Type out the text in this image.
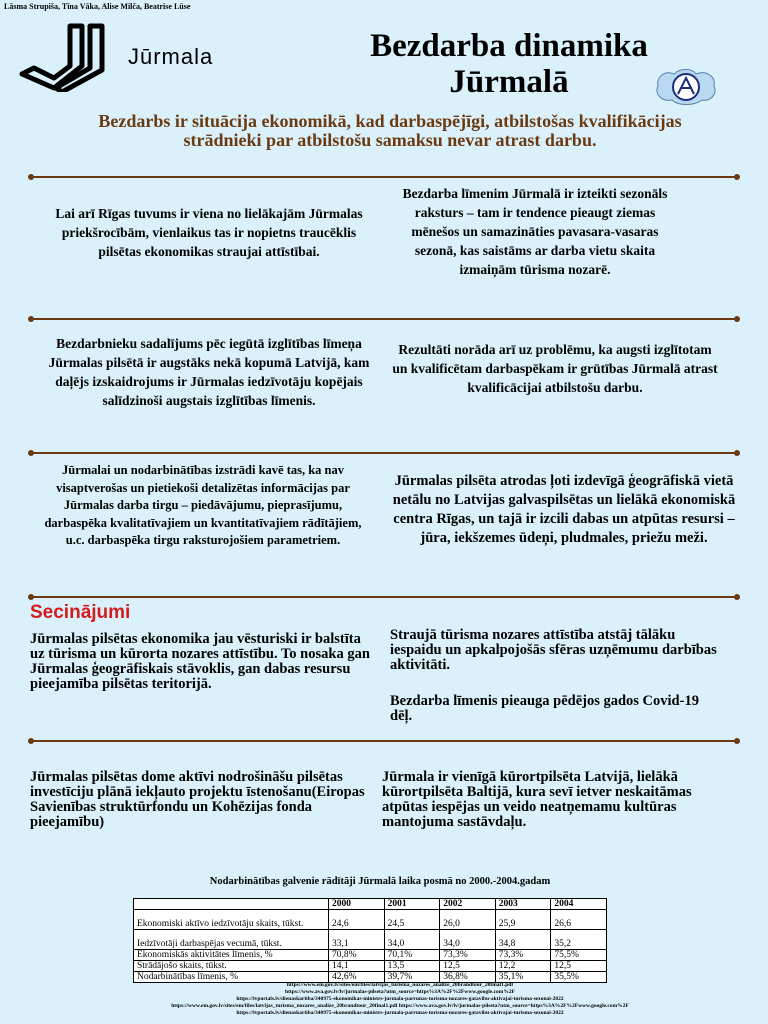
Lāsma Strupiša, Tīna Vāka, Alise Milča, Beatrise Lūse
Jūrmala	Bezdarba dinamika
Jūrmalā
Bezdarbs ir situācija ekonomikā, kad darbaspējīgi, atbilstošas kvalifikācijas strādnieki par atbilstošu samaksu nevar atrast darbu.
Lai arī Rīgas tuvums ir viena no lielākajām Jūrmalas priekšrocībām, vienlaikus tas ir nopietns traucēklis pilsētas ekonomikas straujai attīstībai.
Bezdarba līmenim Jūrmalā ir izteikti sezonāls raksturs – tam ir tendence pieaugt ziemas mēnešos un samazināties pavasara-vasaras sezonā, kas saistāms ar darba vietu skaita izmaiņām tūrisma nozarē.
Bezdarbnieku sadalījums pēc iegūtā izglītības līmeņa Jūrmalas pilsētā ir augstāks nekā kopumā Latvijā, kam daļējs izskaidrojums ir Jūrmalas iedzīvotāju kopējais salīdzinoši augstais izglītības līmenis.
Rezultāti norāda arī uz problēmu, ka augsti izglītotam un kvalificētam darbaspēkam ir grūtības Jūrmalā atrast kvalificācijai atbilstošu darbu.
Jūrmalai un nodarbinātības izstrādi kavē tas, ka nav visaptverošas un pietiekoši detalizētas informācijas par Jūrmalas darba tirgu – piedāvājumu, pieprasījumu, darbaspēka kvalitatīvajiem un kvantitatīvajiem rādītājiem, u.c. darbaspēka tirgu raksturojošiem parametriem.
Jūrmalas pilsēta atrodas ļoti izdevīgā ģeogrāfiskā vietā netālu no Latvijas galvaspilsētas un lielākā ekonomiskā centra Rīgas, un tajā ir izcili dabas un atpūtas resursi – jūra, iekšzemes ūdeņi, pludmales, priežu meži.
Secinājumi
Jūrmalas pilsētas ekonomika jau vēsturiski ir balstīta uz tūrisma un kūrorta nozares attīstību. To nosaka gan Jūrmalas ģeogrāfiskais stāvoklis, gan dabas resursu pieejamība pilsētas teritorijā.
Straujā tūrisma nozares attīstība atstāj tālāku iespaidu un apkalpojošās sfēras uzņēmumu darbības aktivitāti.
Bezdarba līmenis pieauga pēdējos gados Covid-19 dēļ.
Jūrmalas pilsētas dome aktīvi nodrošināšu pilsētas investīciju plānā iekļauto projektu īstenošanu(Eiropas Savienības struktūrfondu un Kohēzijas fonda pieejamību)
Jūrmala ir vienīgā kūrortpilsēta Latvijā, lielākā kūrortpilsēta Baltijā, kura sevī ietver neskaitāmas atpūtas iespējas un veido neatņemamu kultūras mantojuma sastāvdaļu.
Nodarbinātības galvenie rādītāji Jūrmalā laika posmā no 2000.-2004.gadam
	2000	2001	2002	2003	2004
Ekonomiski aktīvo iedzīvotāju skaits, tūkst.	24,6	24,5	26,0	25,9	26,6
Iedzīvotāji darbaspējas vecumā, tūkst.	33,1	34,0	34,0	34,8	35,2
Ekonomiskās aktivitātes līmenis, %	70,8%	70,1%	73,3%	73,3%	75,5%
Strādājošo skaits, tūkst.	14,1	13,5	12,5	12,2	12,5
Nodarbinātības līmenis, %	42,6%	39,7%	36,8%	35,1%	35,5%
https://www.em.gov.lv/sites/em/files/latvijas_turisma_nozares_analize_20brandtour_20final1.pdf
https://www.ava.gov.lv/lv/jurmalas-pilseta?utm_source=https%3A%2F%2Fwww.google.com%2F
https://lvportals.lv/dienaskartiba/340975-ekonomikas-ministrs-jurmala-parrunas-turisma-nozares-gatavibu-aktivajai-turisma-sezonai-2022
https://www.em.gov.lv/sites/em/files/latvijas_turisma_nozares_analize_20brandtour_20final1.pdf https://www.ava.gov.lv/lv/jurmalas-pilseta?utm_source=https%3A%2F%2Fwww.google.com%2F
https://lvportals.lv/dienaskartiba/340975-ekonomikas-ministrs-jurmala-parrunas-turisma-nozares-gatavibu-aktivajai-turisma-sezonai-2022
